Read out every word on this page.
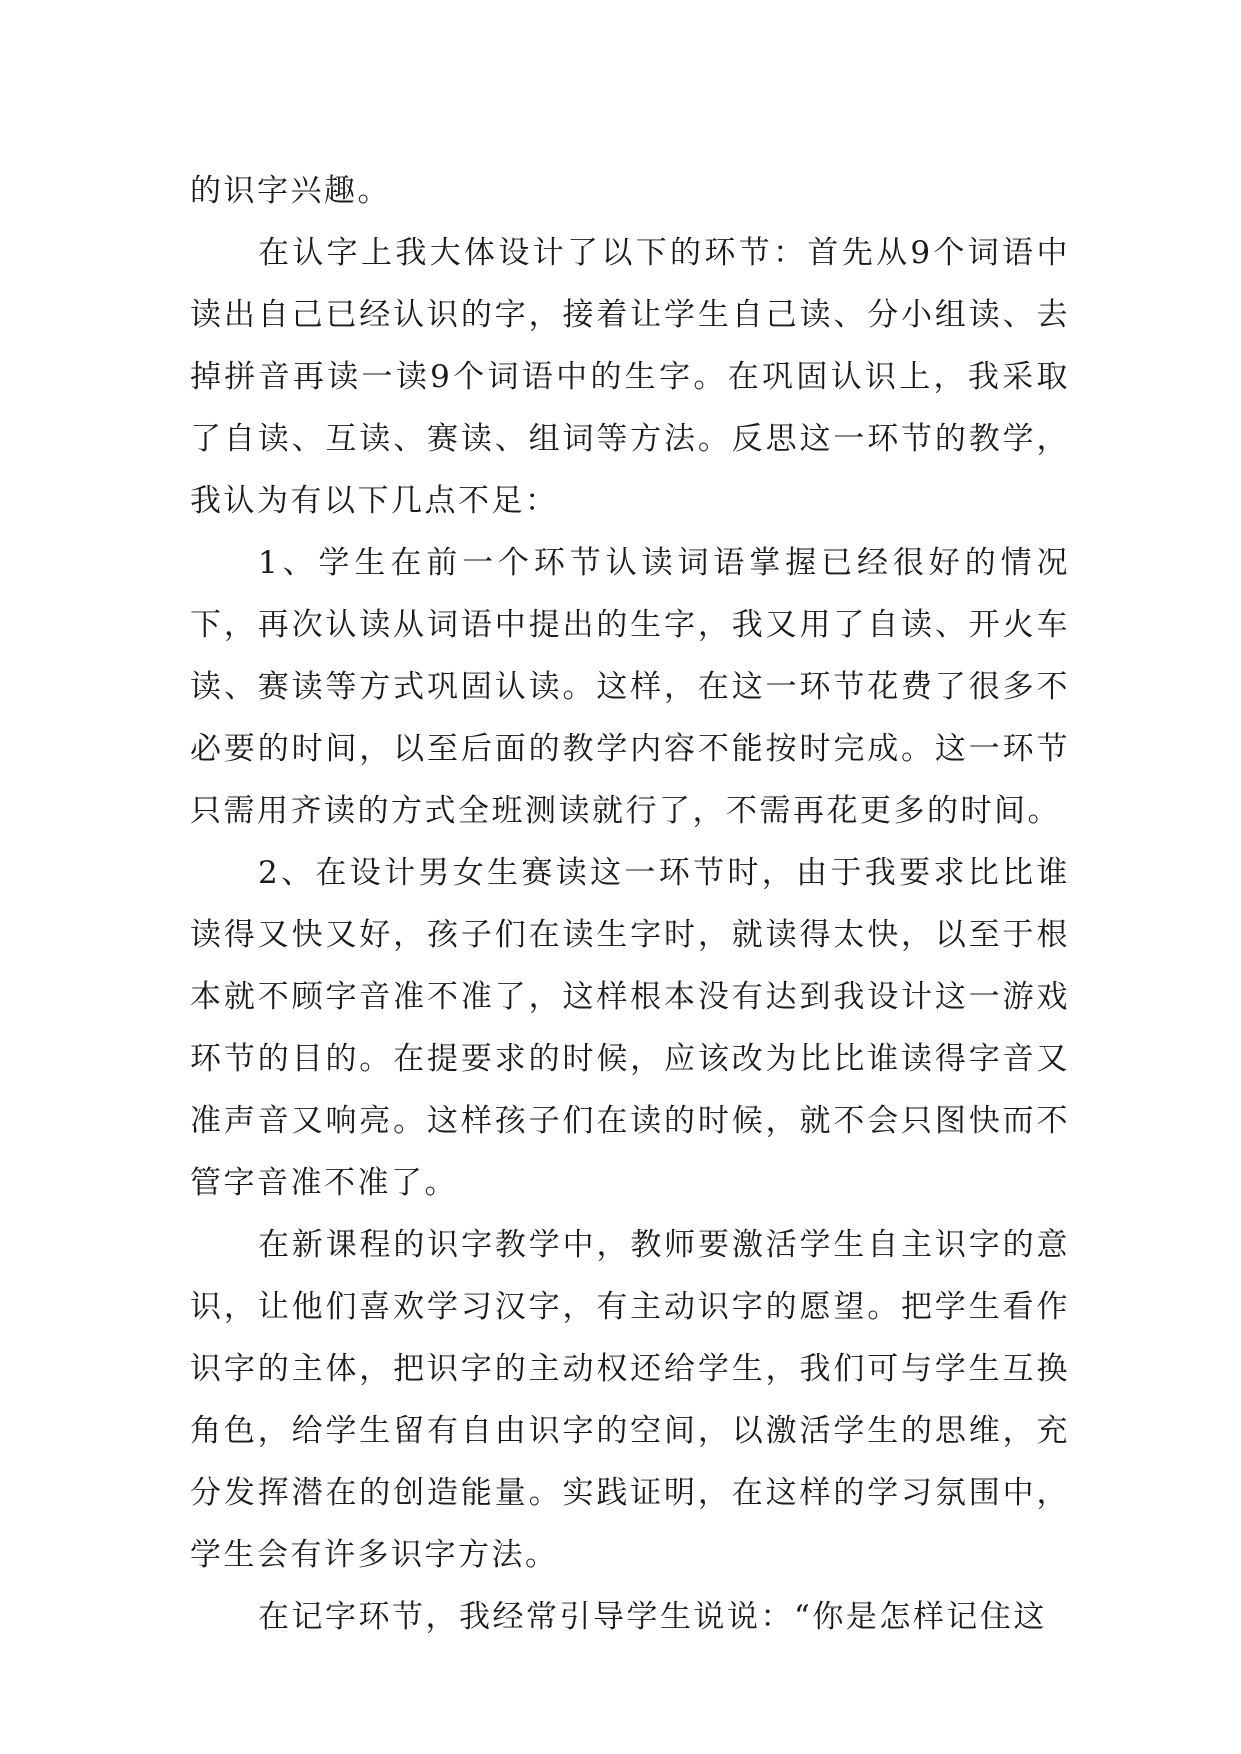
的识字兴趣。

在认字上我大体设计了以下的环节：首先从9个词语中读出自己已经认识的字，接着让学生自己读、分小组读、去掉拼音再读一读9个词语中的生字。在巩固认识上，我采取了自读、互读、赛读、组词等方法。反思这一环节的教学，我认为有以下几点不足：

1、学生在前一个环节认读词语掌握已经很好的情况下，再次认读从词语中提出的生字，我又用了自读、开火车读、赛读等方式巩固认读。这样，在这一环节花费了很多不必要的时间，以至后面的教学内容不能按时完成。这一环节只需用齐读的方式全班测读就行了，不需再花更多的时间。

2、在设计男女生赛读这一环节时，由于我要求比比谁读得又快又好，孩子们在读生字时，就读得太快，以至于根本就不顾字音准不准了，这样根本没有达到我设计这一游戏环节的目的。在提要求的时候，应该改为比比谁读得字音又准声音又响亮。这样孩子们在读的时候，就不会只图快而不管字音准不准了。

在新课程的识字教学中，教师要激活学生自主识字的意识，让他们喜欢学习汉字，有主动识字的愿望。把学生看作识字的主体，把识字的主动权还给学生，我们可与学生互换角色，给学生留有自由识字的空间，以激活学生的思维，充分发挥潜在的创造能量。实践证明，在这样的学习氛围中，学生会有许多识字方法。

在记字环节，我经常引导学生说说：“你是怎样记住这
